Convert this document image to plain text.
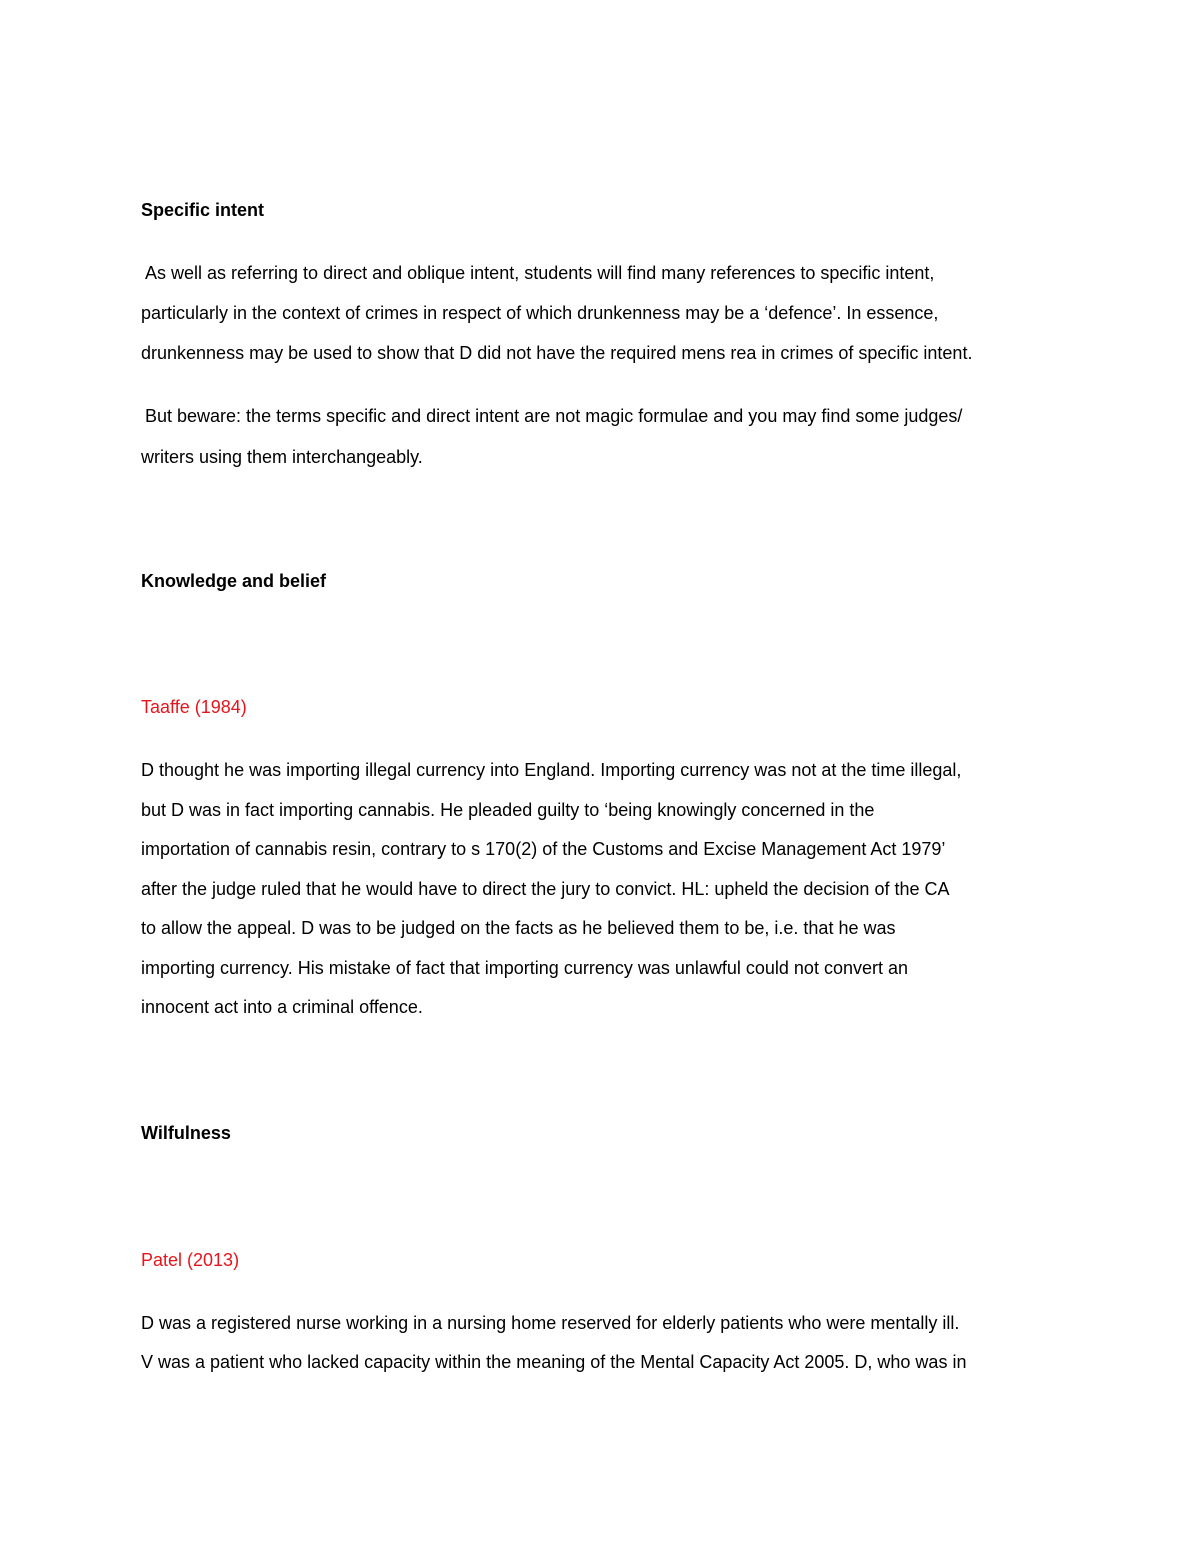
Specific intent

As well as referring to direct and oblique intent, students will find many references to specific intent,

particularly in the context of crimes in respect of which drunkenness may be a ‘defence’. In essence,

drunkenness may be used to show that D did not have the required mens rea in crimes of specific intent.

But beware: the terms specific and direct intent are not magic formulae and you may find some judges/

writers using them interchangeably.

Knowledge and belief

Taaffe (1984)

D thought he was importing illegal currency into England. Importing currency was not at the time illegal,

but D was in fact importing cannabis. He pleaded guilty to ‘being knowingly concerned in the

importation of cannabis resin, contrary to s 170(2) of the Customs and Excise Management Act 1979’

after the judge ruled that he would have to direct the jury to convict. HL: upheld the decision of the CA

to allow the appeal. D was to be judged on the facts as he believed them to be, i.e. that he was

importing currency. His mistake of fact that importing currency was unlawful could not convert an

innocent act into a criminal offence.

Wilfulness

Patel (2013)

D was a registered nurse working in a nursing home reserved for elderly patients who were mentally ill.

V was a patient who lacked capacity within the meaning of the Mental Capacity Act 2005. D, who was in
